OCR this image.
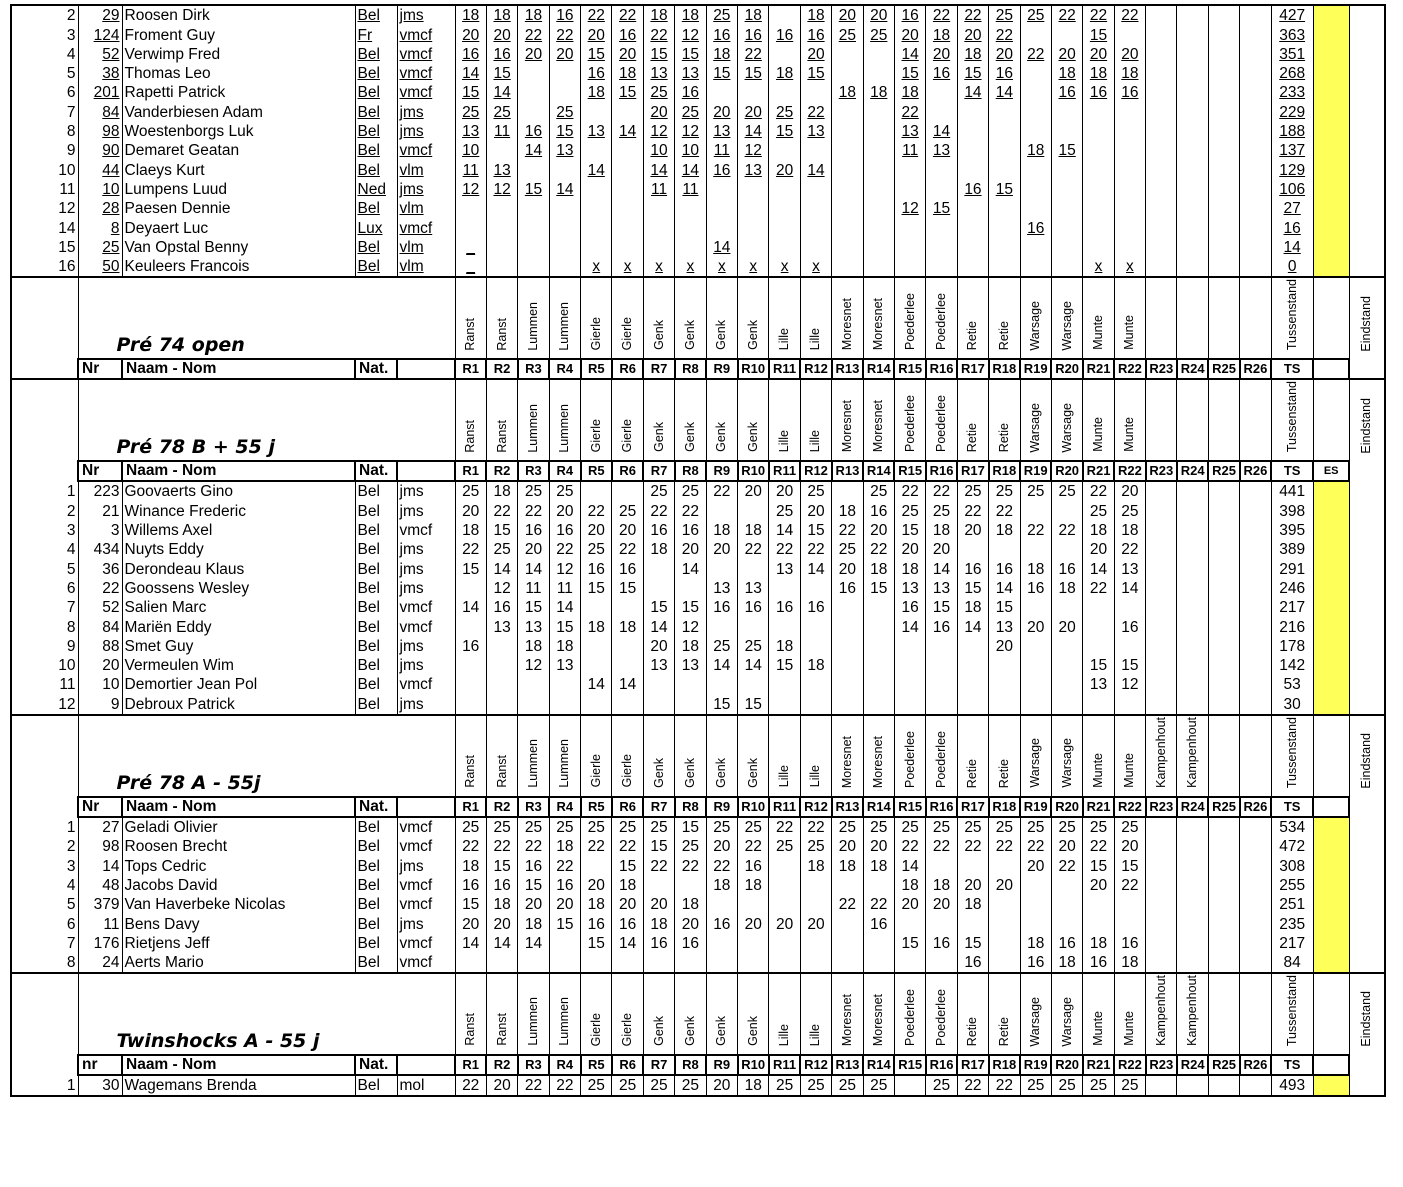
2	29	Roosen Dirk	Bel	jms	18	18	18	16	22	22	18	18	25	18		18	20	20	16	22	22	25	25	22	22	22					427		
3	124	Froment Guy	Fr	vmcf	20	20	22	22	20	16	22	12	16	16	16	16	25	25	20	18	20	22			15						363		
4	52	Verwimp Fred	Bel	vmcf	16	16	20	20	15	20	15	15	18	22		20			14	20	18	20	22	20	20	20					351		
5	38	Thomas Leo	Bel	vmcf	14	15			16	18	13	13	15	15	18	15			15	16	15	16		18	18	18					268		
6	201	Rapetti Patrick	Bel	vmcf	15	14			18	15	25	16					18	18	18		14	14		16	16	16					233		
7	84	Vanderbiesen Adam	Bel	jms	25	25		25			20	25	20	20	25	22			22												229		
8	98	Woestenborgs Luk	Bel	jms	13	11	16	15	13	14	12	12	13	14	15	13			13	14											188		
9	90	Demaret Geatan	Bel	vmcf	10		14	13			10	10	11	12					11	13			18	15							137		
10	44	Claeys Kurt	Bel	vlm	11	13			14		14	14	16	13	20	14															129		
11	10	Lumpens Luud	Ned	jms	12	12	15	14			11	11									16	15									106		
12	28	Paesen Dennie	Bel	vlm															12	15											27		
14	8	Deyaert Luc	Lux	vmcf																			16								16		
15	25	Van Opstal Benny	Bel	vlm	_								14																		14		
16	50	Keuleers Francois	Bel	vlm	_				x	x	x	x	x	x	x	x									x	x					0		
	Pré 74 open				Ranst	Ranst	Lummen	Lummen	Gierle	Gierle	Genk	Genk	Genk	Genk	Lille	Lille	Moresnet	Moresnet	Poederlee	Poederlee	Retie	Retie	Warsage	Warsage	Munte	Munte					Tussenstand		Eindstand
	Nr	Naam - Nom	Nat.		R1	R2	R3	R4	R5	R6	R7	R8	R9	R10	R11	R12	R13	R14	R15	R16	R17	R18	R19	R20	R21	R22	R23	R24	R25	R26	TS		
	Pré 78 B + 55 j				Ranst	Ranst	Lummen	Lummen	Gierle	Gierle	Genk	Genk	Genk	Genk	Lille	Lille	Moresnet	Moresnet	Poederlee	Poederlee	Retie	Retie	Warsage	Warsage	Munte	Munte					Tussenstand		Eindstand
	Nr	Naam - Nom	Nat.		R1	R2	R3	R4	R5	R6	R7	R8	R9	R10	R11	R12	R13	R14	R15	R16	R17	R18	R19	R20	R21	R22	R23	R24	R25	R26	TS	ES	
1	223	Goovaerts Gino	Bel	jms	25	18	25	25			25	25	22	20	20	25		25	22	22	25	25	25	25	22	20					441		
2	21	Winance Frederic	Bel	jms	20	22	22	20	22	25	22	22			25	20	18	16	25	25	22	22			25	25					398		
3	3	Willems Axel	Bel	vmcf	18	15	16	16	20	20	16	16	18	18	14	15	22	20	15	18	20	18	22	22	18	18					395		
4	434	Nuyts Eddy	Bel	jms	22	25	20	22	25	22	18	20	20	22	22	22	25	22	20	20					20	22					389		
5	36	Derondeau Klaus	Bel	jms	15	14	14	12	16	16		14			13	14	20	18	18	14	16	16	18	16	14	13					291		
6	22	Goossens Wesley	Bel	jms		12	11	11	15	15			13	13			16	15	13	13	15	14	16	18	22	14					246		
7	52	Salien Marc	Bel	vmcf	14	16	15	14			15	15	16	16	16	16			16	15	18	15									217		
8	84	Mariën Eddy	Bel	vmcf		13	13	15	18	18	14	12							14	16	14	13	20	20		16					216		
9	88	Smet Guy	Bel	jms	16		18	18			20	18	25	25	18							20									178		
10	20	Vermeulen Wim	Bel	jms			12	13			13	13	14	14	15	18									15	15					142		
11	10	Demortier Jean Pol	Bel	vmcf					14	14															13	12					53		
12	9	Debroux Patrick	Bel	jms									15	15																	30		
	Pré 78 A - 55j				Ranst	Ranst	Lummen	Lummen	Gierle	Gierle	Genk	Genk	Genk	Genk	Lille	Lille	Moresnet	Moresnet	Poederlee	Poederlee	Retie	Retie	Warsage	Warsage	Munte	Munte	Kampenhout	Kampenhout			Tussenstand		Eindstand
	Nr	Naam - Nom	Nat.		R1	R2	R3	R4	R5	R6	R7	R8	R9	R10	R11	R12	R13	R14	R15	R16	R17	R18	R19	R20	R21	R22	R23	R24	R25	R26	TS		
1	27	Geladi Olivier	Bel	vmcf	25	25	25	25	25	25	25	15	25	25	22	22	25	25	25	25	25	25	25	25	25	25					534		
2	98	Roosen Brecht	Bel	vmcf	22	22	22	18	22	22	15	25	20	22	25	25	20	20	22	22	22	22	22	20	22	20					472		
3	14	Tops Cedric	Bel	jms	18	15	16	22		15	22	22	22	16		18	18	18	14				20	22	15	15					308		
4	48	Jacobs David	Bel	vmcf	16	16	15	16	20	18			18	18					18	18	20	20			20	22					255		
5	379	Van Haverbeke Nicolas	Bel	vmcf	15	18	20	20	18	20	20	18					22	22	20	20	18										251		
6	11	Bens Davy	Bel	jms	20	20	18	15	16	16	18	20	16	20	20	20		16													235		
7	176	Rietjens Jeff	Bel	vmcf	14	14	14		15	14	16	16							15	16	15		18	16	18	16					217		
8	24	Aerts Mario	Bel	vmcf																	16		16	18	16	18					84		
	Twinshocks A - 55 j				Ranst	Ranst	Lummen	Lummen	Gierle	Gierle	Genk	Genk	Genk	Genk	Lille	Lille	Moresnet	Moresnet	Poederlee	Poederlee	Retie	Retie	Warsage	Warsage	Munte	Munte	Kampenhout	Kampenhout			Tussenstand		Eindstand
	nr	Naam - Nom	Nat.		R1	R2	R3	R4	R5	R6	R7	R8	R9	R10	R11	R12	R13	R14	R15	R16	R17	R18	R19	R20	R21	R22	R23	R24	R25	R26	TS		
1	30	Wagemans Brenda	Bel	mol	22	20	22	22	25	25	25	25	20	18	25	25	25	25		25	22	22	25	25	25	25					493		
